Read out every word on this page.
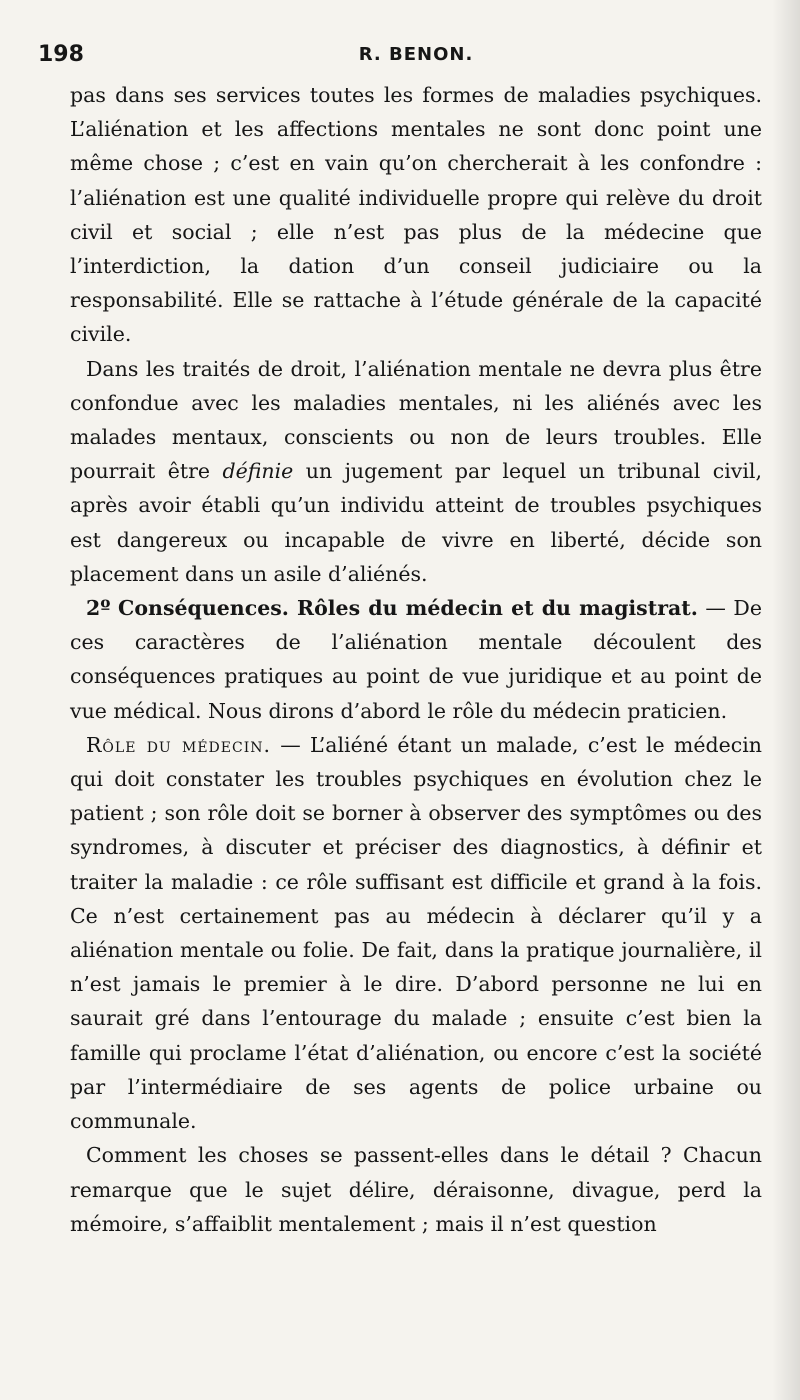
198	R. BENON.

pas dans ses services toutes les formes de maladies psychiques. L’aliénation et les affections mentales ne sont donc point une même chose ; c’est en vain qu’on chercherait à les confondre : l’aliénation est une qualité individuelle propre qui relève du droit civil et social ; elle n’est pas plus de la médecine que l’interdiction, la dation d’un conseil judiciaire ou la responsabilité. Elle se rattache à l’étude générale de la capacité civile.

Dans les traités de droit, l’aliénation mentale ne devra plus être confondue avec les maladies mentales, ni les aliénés avec les malades mentaux, conscients ou non de leurs troubles. Elle pourrait être définie un jugement par lequel un tribunal civil, après avoir établi qu’un individu atteint de troubles psychiques est dangereux ou incapable de vivre en liberté, décide son placement dans un asile d’aliénés.

2º Conséquences. Rôles du médecin et du magistrat. — De ces caractères de l’aliénation mentale découlent des conséquences pratiques au point de vue juridique et au point de vue médical. Nous dirons d’abord le rôle du médecin praticien.

Rôle du médecin. — L’aliéné étant un malade, c’est le médecin qui doit constater les troubles psychiques en évolution chez le patient ; son rôle doit se borner à observer des symptômes ou des syndromes, à discuter et préciser des diagnostics, à définir et traiter la maladie : ce rôle suffisant est difficile et grand à la fois. Ce n’est certainement pas au médecin à déclarer qu’il y a aliénation mentale ou folie. De fait, dans la pratique journalière, il n’est jamais le premier à le dire. D’abord personne ne lui en saurait gré dans l’entourage du malade ; ensuite c’est bien la famille qui proclame l’état d’aliénation, ou encore c’est la société par l’intermédiaire de ses agents de police urbaine ou communale.

Comment les choses se passent-elles dans le détail ? Chacun remarque que le sujet délire, déraisonne, divague, perd la mémoire, s’affaiblit mentalement ; mais il n’est question
